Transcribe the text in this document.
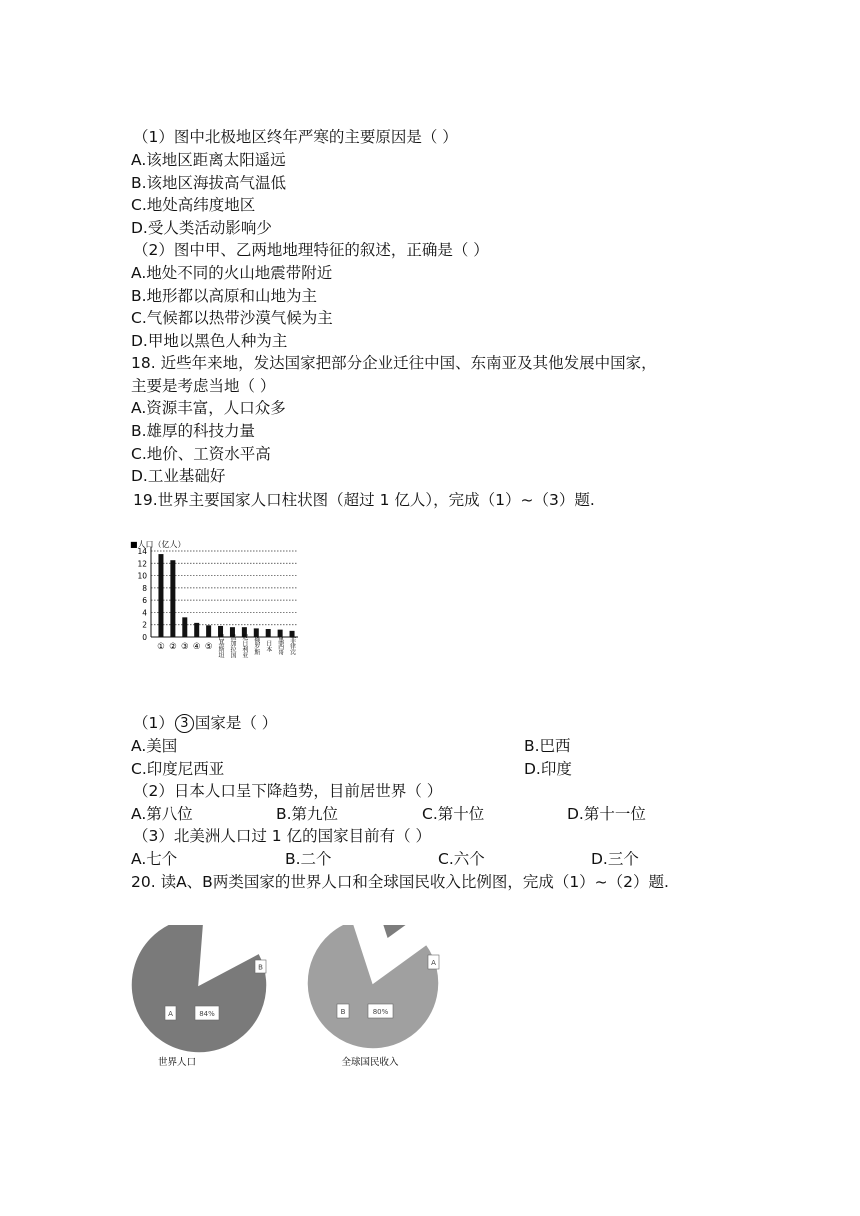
（1）图中北极地区终年严寒的主要原因是（ ）
A.该地区距离太阳遥远
B.该地区海拔高气温低
C.地处高纬度地区
D.受人类活动影响少
（2）图中甲、乙两地地理特征的叙述，正确是（ ）
A.地处不同的火山地震带附近
B.地形都以高原和山地为主
C.气候都以热带沙漠气候为主
D.甲地以黑色人种为主
18. 近些年来地，发达国家把部分企业迁往中国、东南亚及其他发展中国家，
主要是考虑当地（ ）
A.资源丰富，人口众多
B.雄厚的科技力量
C.地价、工资水平高
D.工业基础好
19.世界主要国家人口柱状图（超过 1 亿人），完成（1）~（3）题.
■人口（亿人）
0
2
4
6
8
10
12
14
① ② ③ ④ ⑤ 巴基斯坦 孟加拉国 尼日利亚 俄罗斯 日本 墨西哥 菲律宾
（1） 3 国家是（ ）
A.美国	B.巴西
C.印度尼西亚	D.印度
（2）日本人口呈下降趋势，目前居世界（ ）
A.第八位	B.第九位	C.第十位	D.第十一位
（3）北美洲人口过 1 亿的国家目前有（ ）
A.七个	B.二个	C.六个	D.三个
20. 读A、B两类国家的世界人口和全球国民收入比例图，完成（1）~（2）题.
A	84%
B
B	80%
A
世界人口	全球国民收入
